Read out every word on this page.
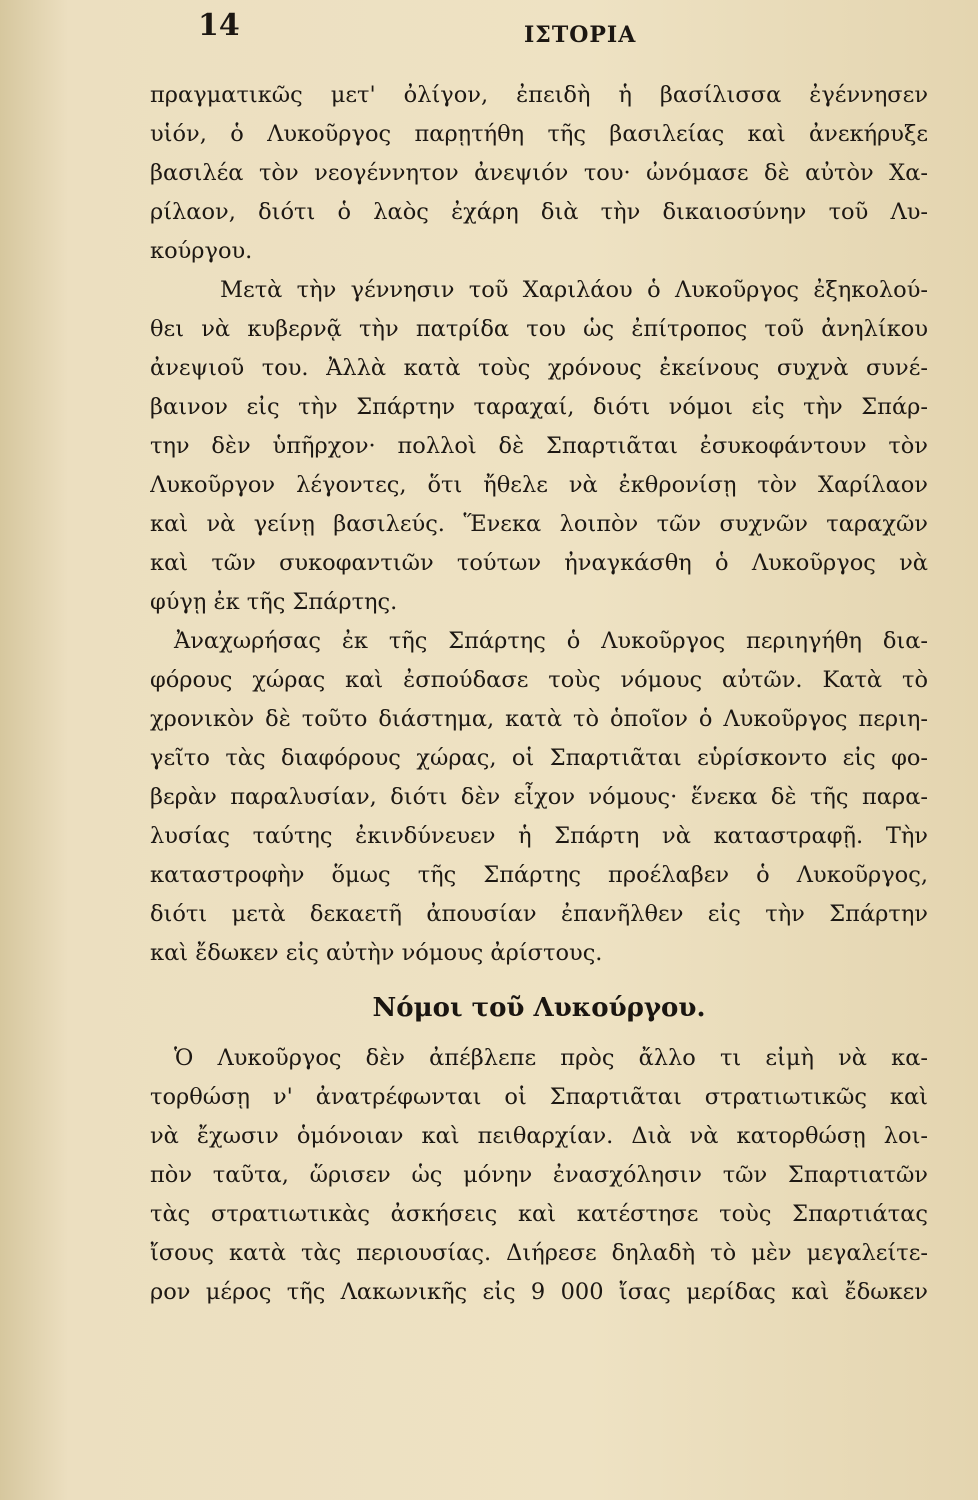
14	ΙΣΤΟΡΙΑ
πραγματικῶς μετ' ὀλίγον, ἐπειδὴ ἡ βασίλισσα ἐγέννησεν
υἱόν, ὁ Λυκοῦργος παρῃτήθη τῆς βασιλείας καὶ ἀνεκήρυξε
βασιλέα τὸν νεογέννητον ἀνεψιόν του· ὠνόμασε δὲ αὐτὸν Χα-
ρίλαον, διότι ὁ λαὸς ἐχάρη διὰ τὴν δικαιοσύνην τοῦ Λυ-
κούργου.
Μετὰ τὴν γέννησιν τοῦ Χαριλάου ὁ Λυκοῦργος ἐξηκολού-
θει νὰ κυβερνᾷ τὴν πατρίδα του ὡς ἐπίτροπος τοῦ ἀνηλίκου
ἀνεψιοῦ του. Ἀλλὰ κατὰ τοὺς χρόνους ἐκείνους συχνὰ συνέ-
βαινον εἰς τὴν Σπάρτην ταραχαί, διότι νόμοι εἰς τὴν Σπάρ-
την δὲν ὑπῆρχον· πολλοὶ δὲ Σπαρτιᾶται ἐσυκοφάντουν τὸν
Λυκοῦργον λέγοντες, ὅτι ἤθελε νὰ ἐκθρονίσῃ τὸν Χαρίλαον
καὶ νὰ γείνῃ βασιλεύς. Ἕνεκα λοιπὸν τῶν συχνῶν ταραχῶν
καὶ τῶν συκοφαντιῶν τούτων ἠναγκάσθη ὁ Λυκοῦργος νὰ
φύγῃ ἐκ τῆς Σπάρτης.
Ἀναχωρήσας ἐκ τῆς Σπάρτης ὁ Λυκοῦργος περιηγήθη δια-
φόρους χώρας καὶ ἐσπούδασε τοὺς νόμους αὐτῶν. Κατὰ τὸ
χρονικὸν δὲ τοῦτο διάστημα, κατὰ τὸ ὁποῖον ὁ Λυκοῦργος περιη-
γεῖτο τὰς διαφόρους χώρας, οἱ Σπαρτιᾶται εὑρίσκοντο εἰς φο-
βερὰν παραλυσίαν, διότι δὲν εἶχον νόμους· ἕνεκα δὲ τῆς παρα-
λυσίας ταύτης ἐκινδύνευεν ἡ Σπάρτη νὰ καταστραφῇ. Τὴν
καταστροφὴν ὅμως τῆς Σπάρτης προέλαβεν ὁ Λυκοῦργος,
διότι μετὰ δεκαετῆ ἀπουσίαν ἐπανῆλθεν εἰς τὴν Σπάρτην
καὶ ἔδωκεν εἰς αὐτὴν νόμους ἀρίστους.
Νόμοι τοῦ Λυκούργου.
Ὁ Λυκοῦργος δὲν ἀπέβλεπε πρὸς ἄλλο τι εἰμὴ νὰ κα-
τορθώσῃ ν' ἀνατρέφωνται οἱ Σπαρτιᾶται στρατιωτικῶς καὶ
νὰ ἔχωσιν ὁμόνοιαν καὶ πειθαρχίαν. Διὰ νὰ κατορθώσῃ λοι-
πὸν ταῦτα, ὥρισεν ὡς μόνην ἐνασχόλησιν τῶν Σπαρτιατῶν
τὰς στρατιωτικὰς ἀσκήσεις καὶ κατέστησε τοὺς Σπαρτιάτας
ἴσους κατὰ τὰς περιουσίας. Διήρεσε δηλαδὴ τὸ μὲν μεγαλείτε-
ρον μέρος τῆς Λακωνικῆς εἰς 9 000 ἴσας μερίδας καὶ ἔδωκεν
